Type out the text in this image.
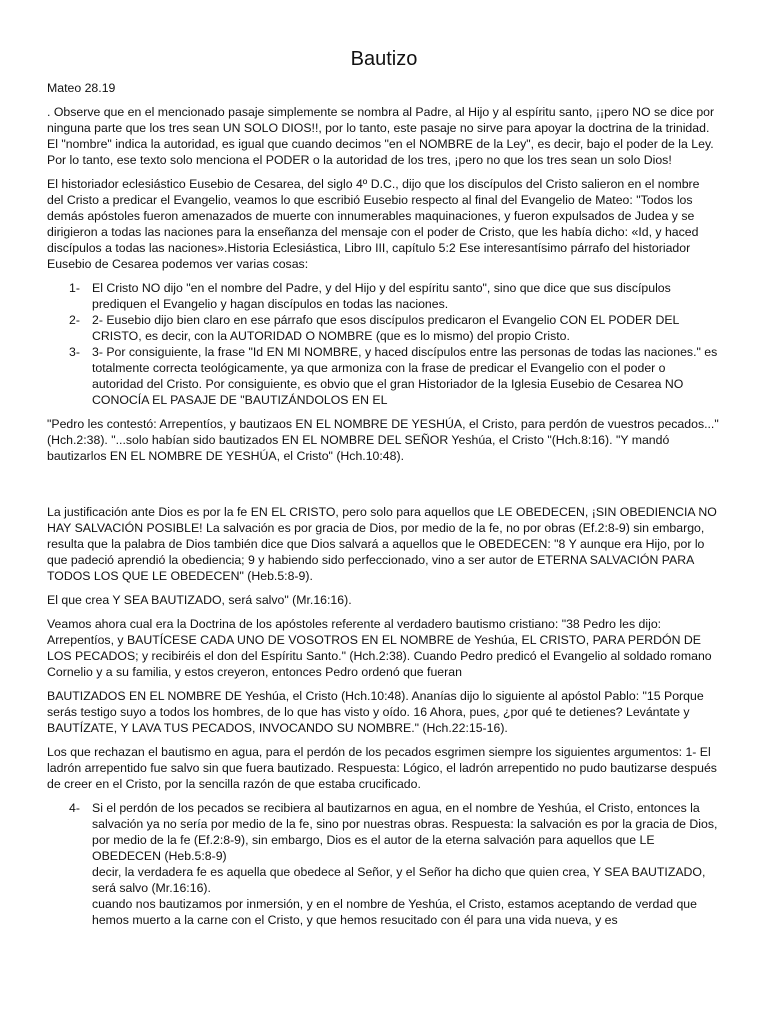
Bautizo

Mateo 28.19

. Observe que en el mencionado pasaje simplemente se nombra al Padre, al Hijo y al espíritu santo, ¡¡pero NO se dice por ninguna parte que los tres sean UN SOLO DIOS!!, por lo tanto, este pasaje no sirve para apoyar la doctrina de la trinidad. El "nombre" indica la autoridad, es igual que cuando decimos "en el NOMBRE de la Ley", es decir, bajo el poder de la Ley. Por lo tanto, ese texto solo menciona el PODER o la autoridad de los tres, ¡pero no que los tres sean un solo Dios!

El historiador eclesiástico Eusebio de Cesarea, del siglo 4º D.C., dijo que los discípulos del Cristo salieron en el nombre del Cristo a predicar el Evangelio, veamos lo que escribió Eusebio respecto al final del Evangelio de Mateo: "Todos los demás apóstoles fueron amenazados de muerte con innumerables maquinaciones, y fueron expulsados de Judea y se dirigieron a todas las naciones para la enseñanza del mensaje con el poder de Cristo, que les había dicho: «Id, y haced discípulos a todas las naciones».Historia Eclesiástica, Libro III, capítulo 5:2 Ese interesantísimo párrafo del historiador Eusebio de Cesarea podemos ver varias cosas:

1- El Cristo NO dijo "en el nombre del Padre, y del Hijo y del espíritu santo", sino que dice que sus discípulos prediquen el Evangelio y hagan discípulos en todas las naciones.
2- 2- Eusebio dijo bien claro en ese párrafo que esos discípulos predicaron el Evangelio CON EL PODER DEL CRISTO, es decir, con la AUTORIDAD O NOMBRE (que es lo mismo) del propio Cristo.
3- 3- Por consiguiente, la frase "Id EN MI NOMBRE, y haced discípulos entre las personas de todas las naciones." es totalmente correcta teológicamente, ya que armoniza con la frase de predicar el Evangelio con el poder o autoridad del Cristo. Por consiguiente, es obvio que el gran Historiador de la Iglesia Eusebio de Cesarea NO CONOCÍA EL PASAJE DE "BAUTIZÁNDOLOS EN EL

"Pedro les contestó: Arrepentíos, y bautizaos EN EL NOMBRE DE YESHÚA, el Cristo, para perdón de vuestros pecados..." (Hch.2:38). "...solo habían sido bautizados EN EL NOMBRE DEL SEÑOR Yeshúa, el Cristo "(Hch.8:16). "Y mandó bautizarlos EN EL NOMBRE DE YESHÚA, el Cristo" (Hch.10:48).

La justificación ante Dios es por la fe EN EL CRISTO, pero solo para aquellos que LE OBEDECEN, ¡SIN OBEDIENCIA NO HAY SALVACIÓN POSIBLE! La salvación es por gracia de Dios, por medio de la fe, no por obras (Ef.2:8-9) sin embargo, resulta que la palabra de Dios también dice que Dios salvará a aquellos que le OBEDECEN: "8 Y aunque era Hijo, por lo que padeció aprendió la obediencia; 9 y habiendo sido perfeccionado, vino a ser autor de ETERNA SALVACIÓN PARA TODOS LOS QUE LE OBEDECEN" (Heb.5:8-9).

El que crea Y SEA BAUTIZADO, será salvo" (Mr.16:16).

Veamos ahora cual era la Doctrina de los apóstoles referente al verdadero bautismo cristiano: "38 Pedro les dijo: Arrepentíos, y BAUTÍCESE CADA UNO DE VOSOTROS EN EL NOMBRE de Yeshúa, EL CRISTO, PARA PERDÓN DE LOS PECADOS; y recibiréis el don del Espíritu Santo." (Hch.2:38). Cuando Pedro predicó el Evangelio al soldado romano Cornelio y a su familia, y estos creyeron, entonces Pedro ordenó que fueran

BAUTIZADOS EN EL NOMBRE DE Yeshúa, el Cristo (Hch.10:48). Ananías dijo lo siguiente al apóstol Pablo: "15 Porque serás testigo suyo a todos los hombres, de lo que has visto y oído. 16 Ahora, pues, ¿por qué te detienes? Levántate y BAUTÍZATE, Y LAVA TUS PECADOS, INVOCANDO SU NOMBRE." (Hch.22:15-16).

Los que rechazan el bautismo en agua, para el perdón de los pecados esgrimen siempre los siguientes argumentos: 1- El ladrón arrepentido fue salvo sin que fuera bautizado. Respuesta: Lógico, el ladrón arrepentido no pudo bautizarse después de creer en el Cristo, por la sencilla razón de que estaba crucificado.

4- Si el perdón de los pecados se recibiera al bautizarnos en agua, en el nombre de Yeshúa, el Cristo, entonces la salvación ya no sería por medio de la fe, sino por nuestras obras. Respuesta: la salvación es por la gracia de Dios, por medio de la fe (Ef.2:8-9), sin embargo, Dios es el autor de la eterna salvación para aquellos que LE OBEDECEN (Heb.5:8-9)
decir, la verdadera fe es aquella que obedece al Señor, y el Señor ha dicho que quien crea, Y SEA BAUTIZADO, será salvo (Mr.16:16).
cuando nos bautizamos por inmersión, y en el nombre de Yeshúa, el Cristo, estamos aceptando de verdad que hemos muerto a la carne con el Cristo, y que hemos resucitado con él para una vida nueva, y es
